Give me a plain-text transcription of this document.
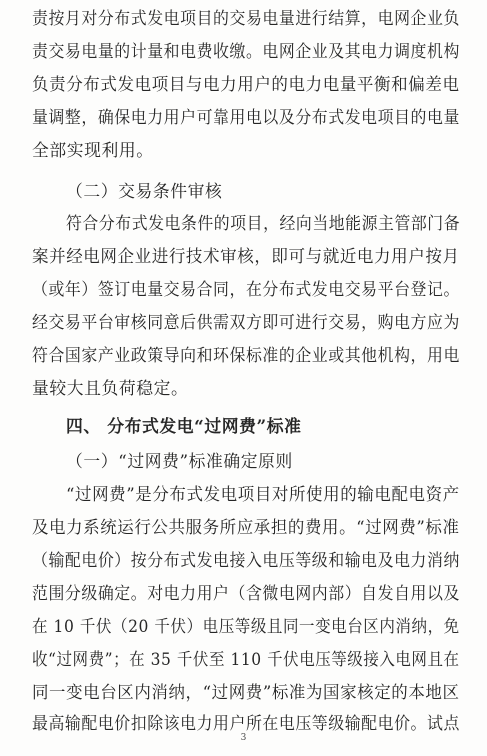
责按月对分布式发电项目的交易电量进行结算，电网企业负
责交易电量的计量和电费收缴。电网企业及其电力调度机构
负责分布式发电项目与电力用户的电力电量平衡和偏差电
量调整，确保电力用户可靠用电以及分布式发电项目的电量
全部实现利用。
（二）交易条件审核
符合分布式发电条件的项目，经向当地能源主管部门备
案并经电网企业进行技术审核，即可与就近电力用户按月
（或年）签订电量交易合同，在分布式发电交易平台登记。
经交易平台审核同意后供需双方即可进行交易，购电方应为
符合国家产业政策导向和环保标准的企业或其他机构，用电
量较大且负荷稳定。
四、 分布式发电“过网费”标准
（一）“过网费”标准确定原则
“过网费”是分布式发电项目对所使用的输电配电资产
及电力系统运行公共服务所应承担的费用。“过网费”标准
（输配电价）按分布式发电接入电压等级和输电及电力消纳
范围分级确定。对电力用户（含微电网内部）自发自用以及
在 10 千伏（20 千伏）电压等级且同一变电台区内消纳，免
收“过网费”；在 35 千伏至 110 千伏电压等级接入电网且在
同一变电台区内消纳，“过网费”标准为国家核定的本地区
最高输配电价扣除该电力用户所在电压等级输配电价。试点
3
